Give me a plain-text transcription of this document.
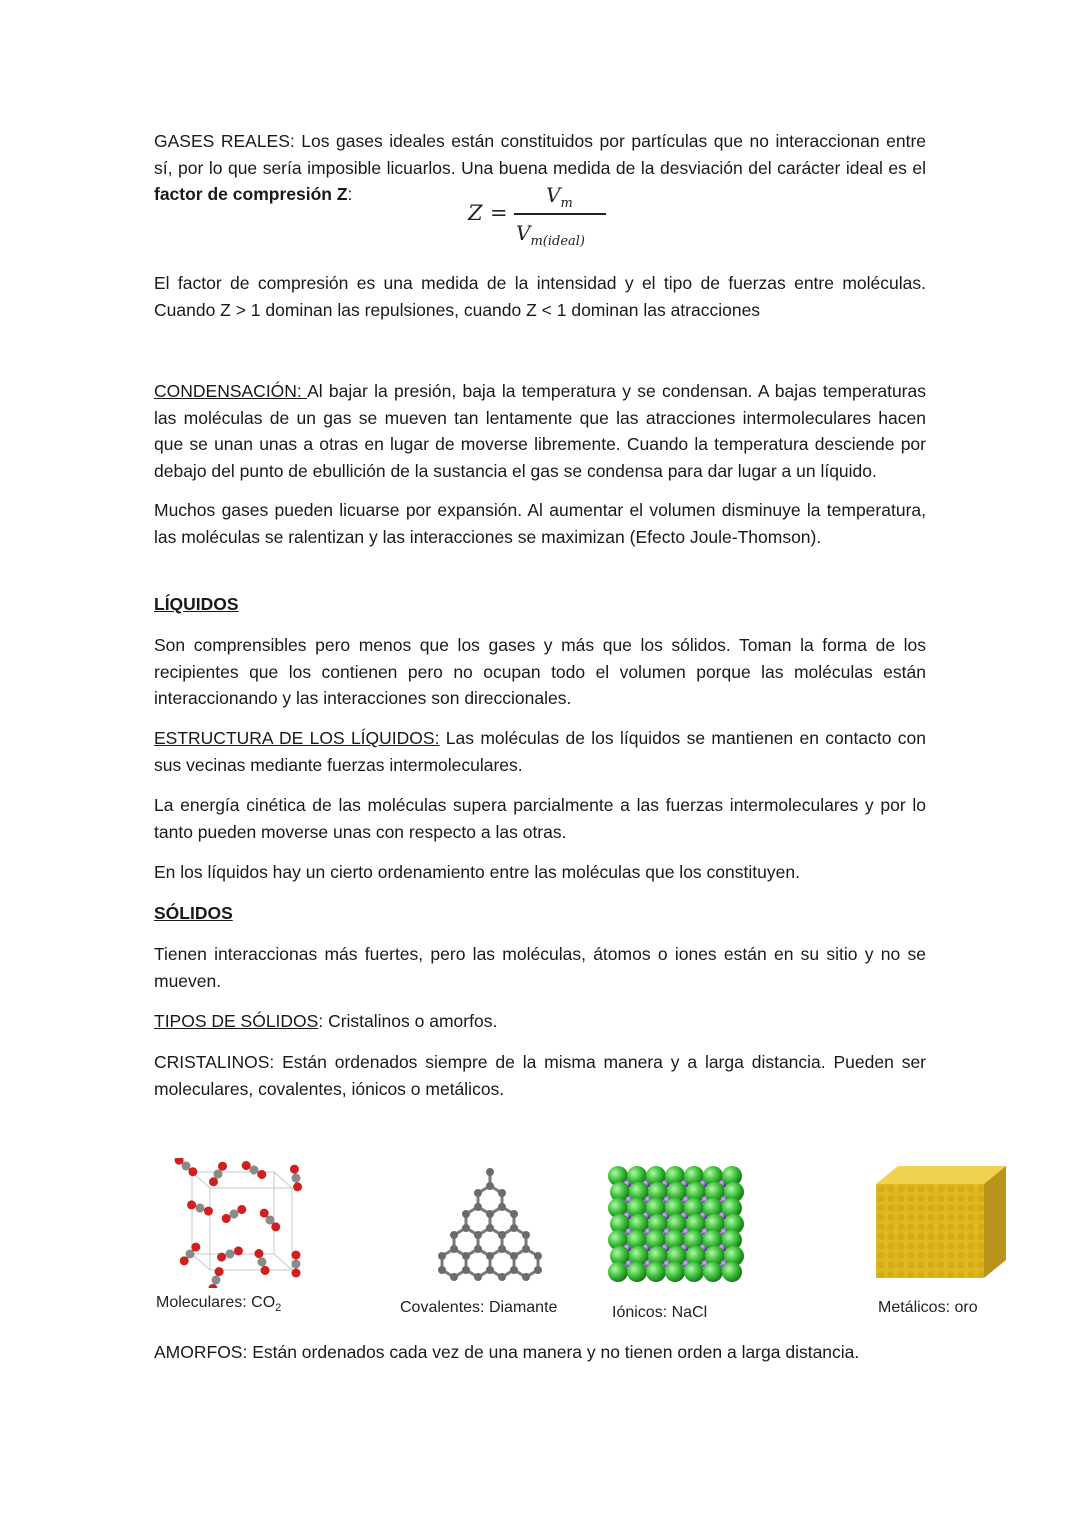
GASES REALES: Los gases ideales están constituidos por partículas que no interaccionan entre sí, por lo que sería imposible licuarlos. Una buena medida de la desviación del carácter ideal es el factor de compresión Z:

Z =
$V_m$
$V_{m(ideal)}$

El factor de compresión es una medida de la intensidad y el tipo de fuerzas entre moléculas. Cuando Z > 1 dominan las repulsiones, cuando Z < 1 dominan las atracciones

CONDENSACIÓN: Al bajar la presión, baja la temperatura y se condensan. A bajas temperaturas las moléculas de un gas se mueven tan lentamente que las atracciones intermoleculares hacen que se unan unas a otras en lugar de moverse libremente. Cuando la temperatura desciende por debajo del punto de ebullición de la sustancia el gas se condensa para dar lugar a un líquido.

Muchos gases pueden licuarse por expansión. Al aumentar el volumen disminuye la temperatura, las moléculas se ralentizan y las interacciones se maximizan (Efecto Joule-Thomson).

LÍQUIDOS

Son comprensibles pero menos que los gases y más que los sólidos. Toman la forma de los recipientes que los contienen pero no ocupan todo el volumen porque las moléculas están interaccionando y las interacciones son direccionales.

ESTRUCTURA DE LOS LÍQUIDOS: Las moléculas de los líquidos se mantienen en contacto con sus vecinas mediante fuerzas intermoleculares.

La energía cinética de las moléculas supera parcialmente a las fuerzas intermoleculares y por lo tanto pueden moverse unas con respecto a las otras.

En los líquidos hay un cierto ordenamiento entre las moléculas que los constituyen.

SÓLIDOS

Tienen interaccionas más fuertes, pero las moléculas, átomos o iones están en su sitio y no se mueven.

TIPOS DE SÓLIDOS: Cristalinos o amorfos.

CRISTALINOS: Están ordenados siempre de la misma manera y a larga distancia. Pueden ser moleculares, covalentes, iónicos o metálicos.

Moleculares: $CO_2$	Covalentes: Diamante	Iónicos: NaCl	Metálicos: oro

AMORFOS: Están ordenados cada vez de una manera y no tienen orden a larga distancia.
